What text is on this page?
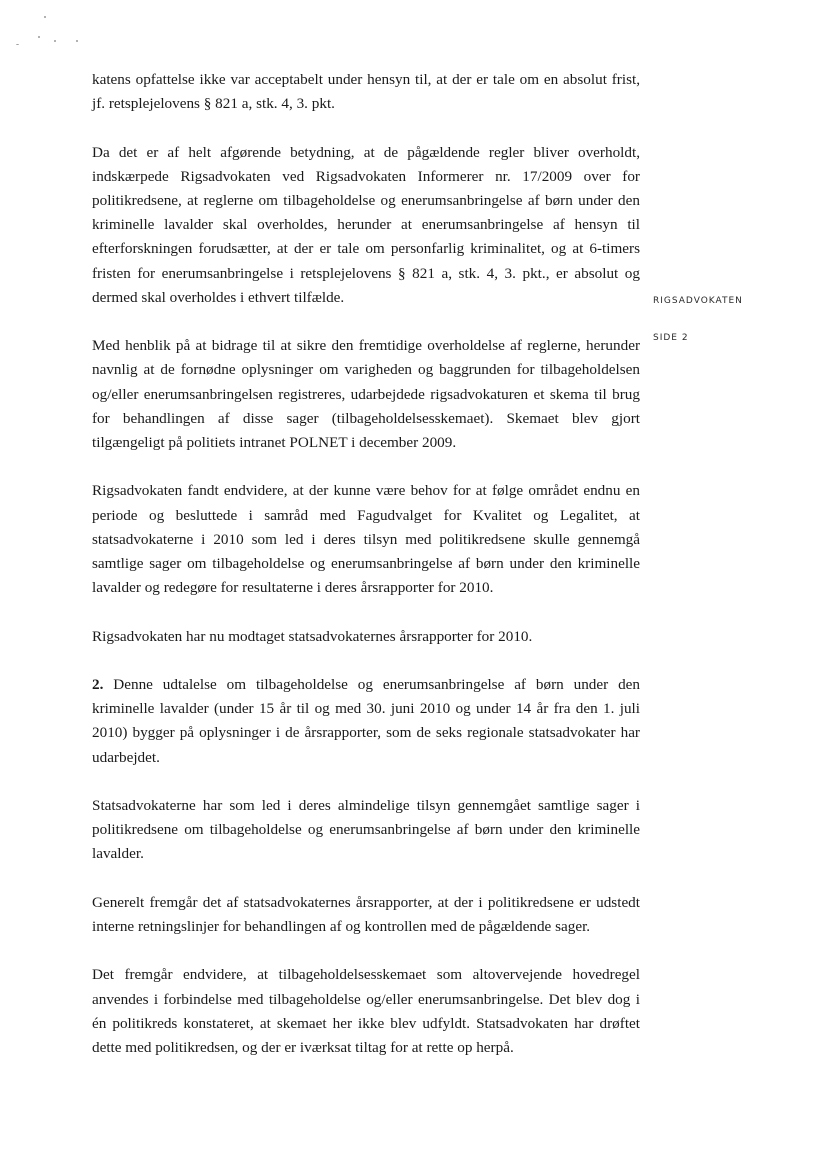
RIGSADVOKATEN
SIDE 2

katens opfattelse ikke var acceptabelt under hensyn til, at der er tale om en absolut frist, jf. retsplejelovens § 821 a, stk. 4, 3. pkt.

Da det er af helt afgørende betydning, at de pågældende regler bliver overholdt, indskærpede Rigsadvokaten ved Rigsadvokaten Informerer nr. 17/2009 over for politikredsene, at reglerne om tilbageholdelse og enerumsanbringelse af børn under den kriminelle lavalder skal overholdes, herunder at enerumsanbringelse af hensyn til efterforskningen forudsætter, at der er tale om personfarlig kriminalitet, og at 6-timers fristen for enerumsanbringelse i retsplejelovens § 821 a, stk. 4, 3. pkt., er absolut og dermed skal overholdes i ethvert tilfælde.

Med henblik på at bidrage til at sikre den fremtidige overholdelse af reglerne, herunder navnlig at de fornødne oplysninger om varigheden og baggrunden for tilbageholdelsen og/eller enerumsanbringelsen registreres, udarbejdede rigsadvokaturen et skema til brug for behandlingen af disse sager (tilbageholdelsesskemaet). Skemaet blev gjort tilgængeligt på politiets intranet POLNET i december 2009.

Rigsadvokaten fandt endvidere, at der kunne være behov for at følge området endnu en periode og besluttede i samråd med Fagudvalget for Kvalitet og Legalitet, at statsadvokaterne i 2010 som led i deres tilsyn med politikredsene skulle gennemgå samtlige sager om tilbageholdelse og enerumsanbringelse af børn under den kriminelle lavalder og redegøre for resultaterne i deres årsrapporter for 2010.

Rigsadvokaten har nu modtaget statsadvokaternes årsrapporter for 2010.

2. Denne udtalelse om tilbageholdelse og enerumsanbringelse af børn under den kriminelle lavalder (under 15 år til og med 30. juni 2010 og under 14 år fra den 1. juli 2010) bygger på oplysninger i de årsrapporter, som de seks regionale statsadvokater har udarbejdet.

Statsadvokaterne har som led i deres almindelige tilsyn gennemgået samtlige sager i politikredsene om tilbageholdelse og enerumsanbringelse af børn under den kriminelle lavalder.

Generelt fremgår det af statsadvokaternes årsrapporter, at der i politikredsene er udstedt interne retningslinjer for behandlingen af og kontrollen med de pågældende sager.

Det fremgår endvidere, at tilbageholdelsesskemaet som altovervejende hovedregel anvendes i forbindelse med tilbageholdelse og/eller enerumsanbringelse. Det blev dog i én politikreds konstateret, at skemaet her ikke blev udfyldt. Statsadvokaten har drøftet dette med politikredsen, og der er iværksat tiltag for at rette op herpå.
